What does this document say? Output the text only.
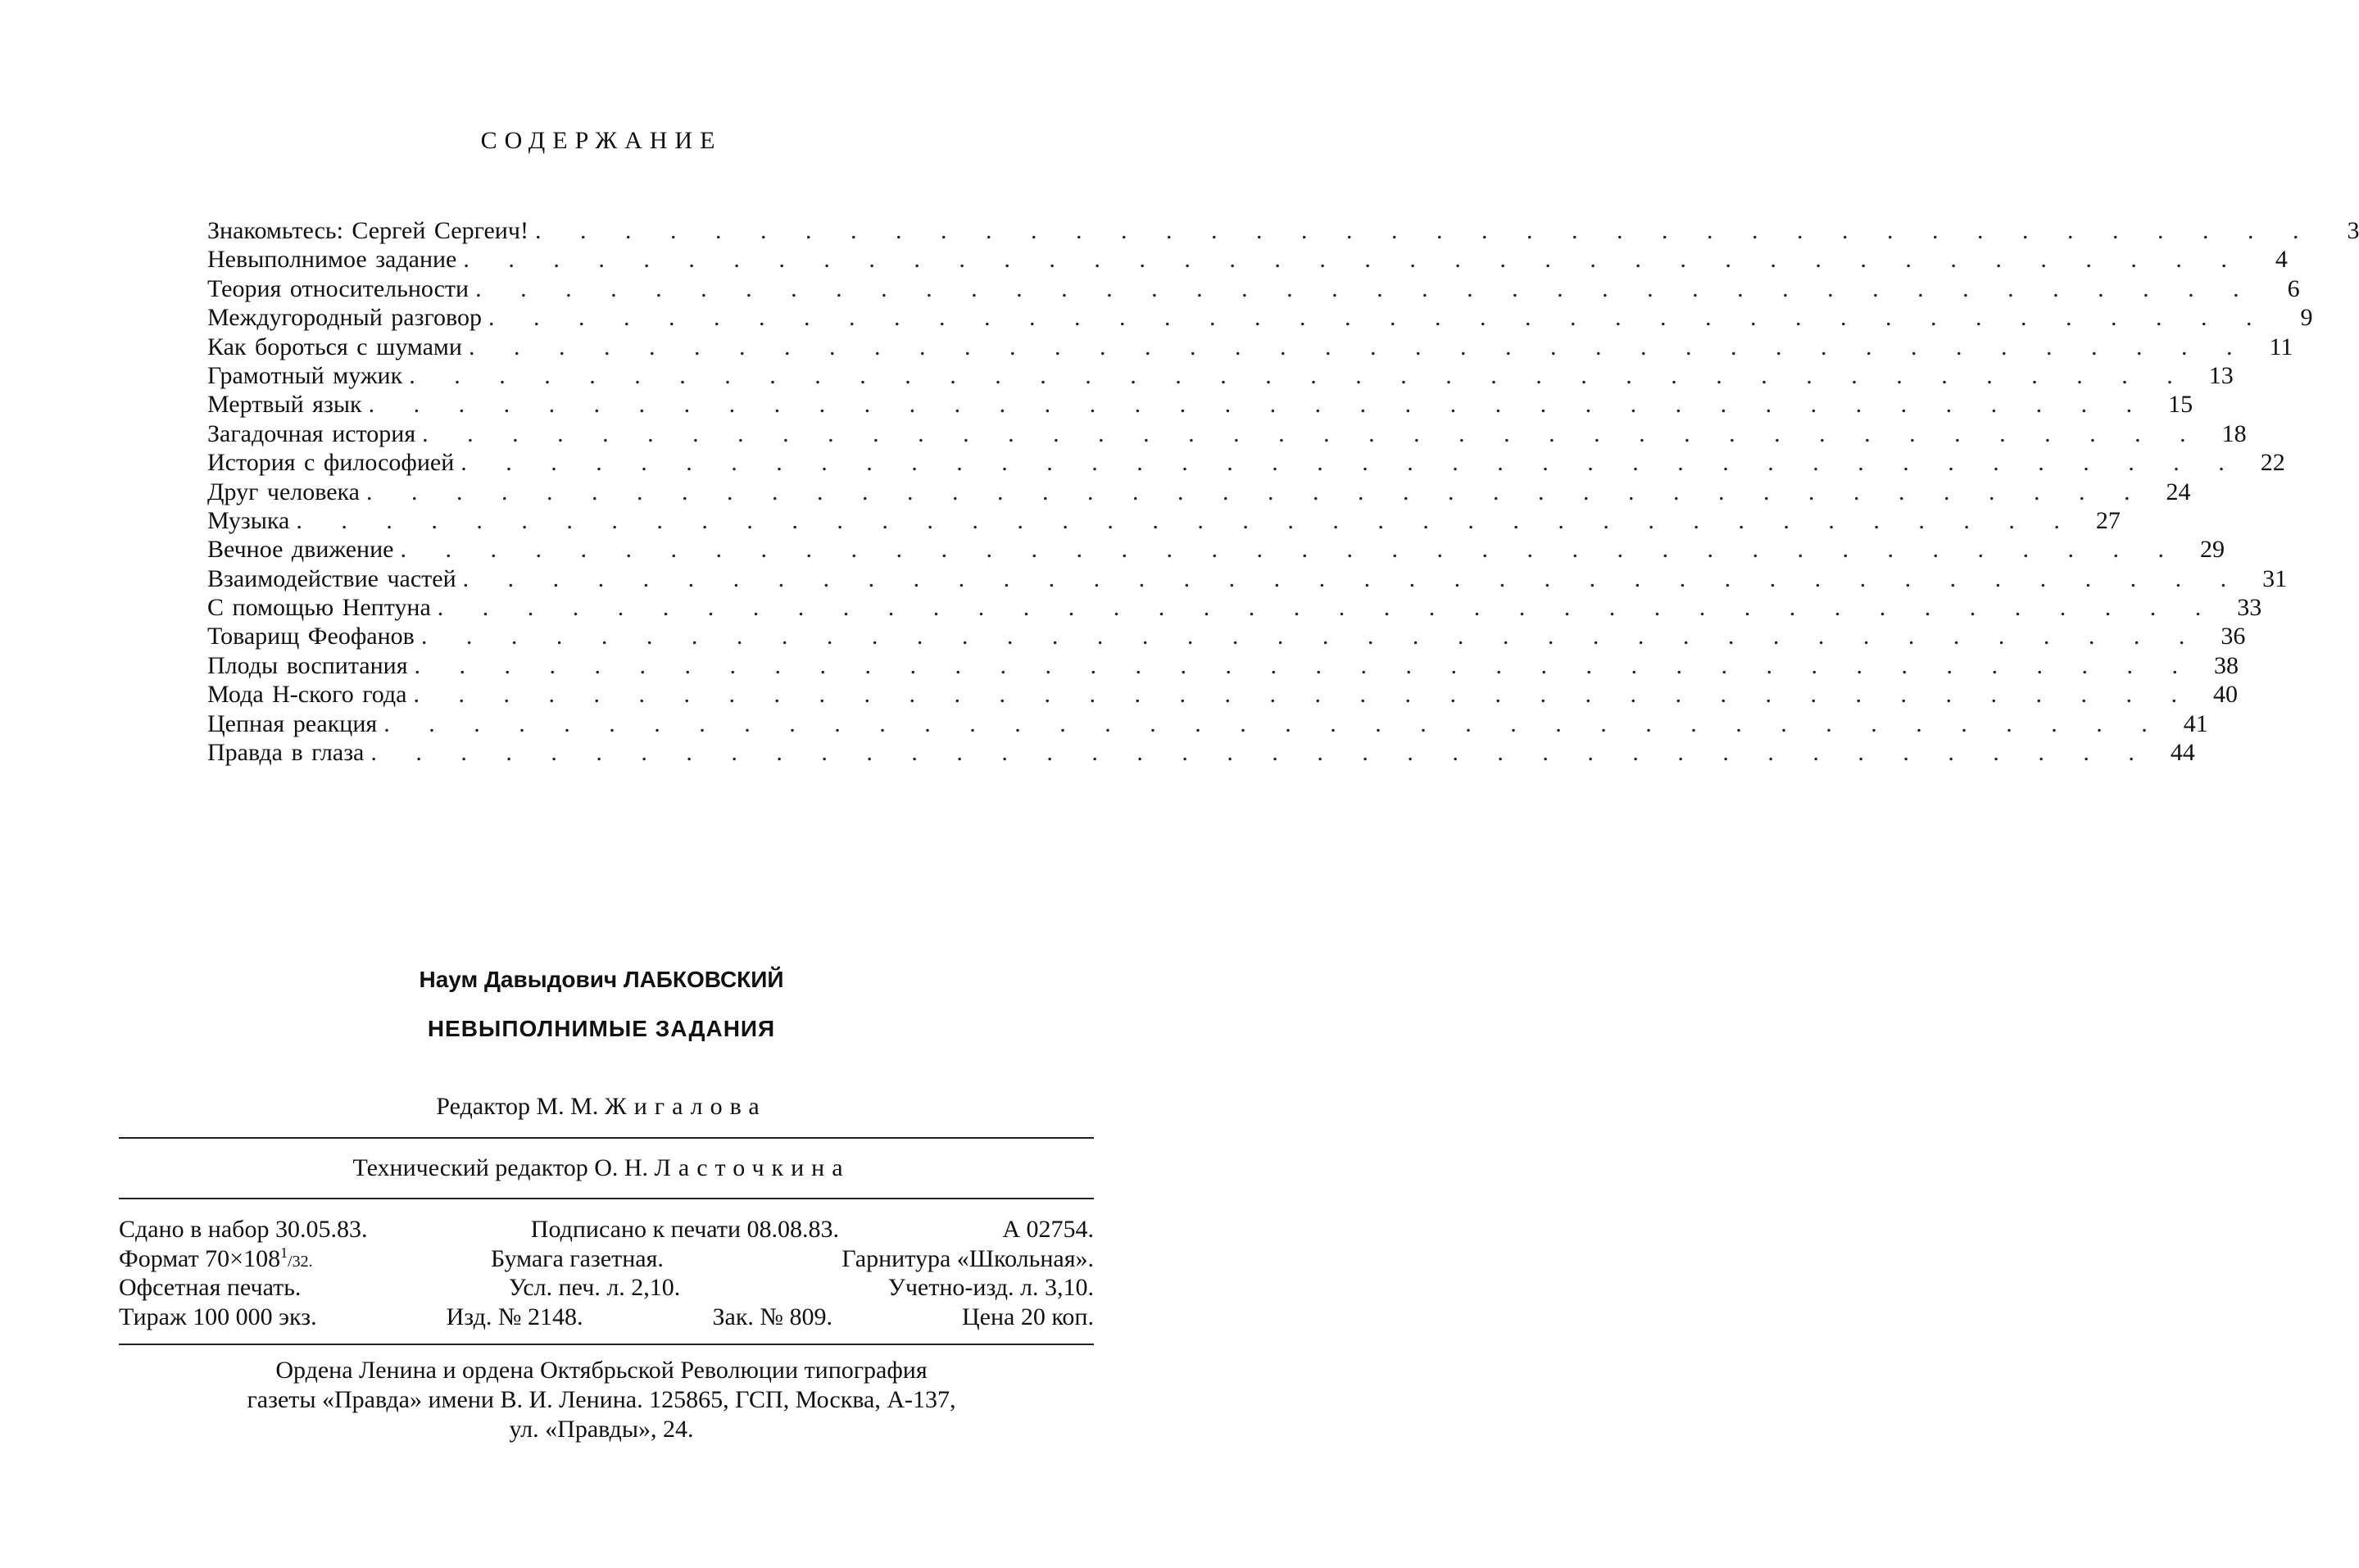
СОДЕРЖАНИЕ
Знакомьтесь: Сергей Сергеич! . . . . . . . . . . . . . . . . . . . . . . . . . . . . . . . . . . . . . . . .	3
Невыполнимое задание . . . . . . . . . . . . . . . . . . . . . . . . . . . . . . . . . . . . . . . .	4
Теория относительности . . . . . . . . . . . . . . . . . . . . . . . . . . . . . . . . . . . . . . . .	6
Междугородный разговор . . . . . . . . . . . . . . . . . . . . . . . . . . . . . . . . . . . . . . . .	9
Как бороться с шумами . . . . . . . . . . . . . . . . . . . . . . . . . . . . . . . . . . . . . . . . 11
Грамотный мужик . . . . . . . . . . . . . . . . . . . . . . . . . . . . . . . . . . . . . . . . 13
Мертвый язык . . . . . . . . . . . . . . . . . . . . . . . . . . . . . . . . . . . . . . . . 15
Загадочная история . . . . . . . . . . . . . . . . . . . . . . . . . . . . . . . . . . . . . . . . 18
История с философией . . . . . . . . . . . . . . . . . . . . . . . . . . . . . . . . . . . . . . . . 22
Друг человека . . . . . . . . . . . . . . . . . . . . . . . . . . . . . . . . . . . . . . . . 24
Музыка . . . . . . . . . . . . . . . . . . . . . . . . . . . . . . . . . . . . . . . . 27
Вечное движение . . . . . . . . . . . . . . . . . . . . . . . . . . . . . . . . . . . . . . . . 29
Взаимодействие частей . . . . . . . . . . . . . . . . . . . . . . . . . . . . . . . . . . . . . . . . 31
С помощью Нептуна . . . . . . . . . . . . . . . . . . . . . . . . . . . . . . . . . . . . . . . . 33
Товарищ Феофанов . . . . . . . . . . . . . . . . . . . . . . . . . . . . . . . . . . . . . . . . 36
Плоды воспитания . . . . . . . . . . . . . . . . . . . . . . . . . . . . . . . . . . . . . . . . 38
Мода Н-ского года . . . . . . . . . . . . . . . . . . . . . . . . . . . . . . . . . . . . . . . . 40
Цепная реакция . . . . . . . . . . . . . . . . . . . . . . . . . . . . . . . . . . . . . . . . 41
Правда в глаза . . . . . . . . . . . . . . . . . . . . . . . . . . . . . . . . . . . . . . . . 44
Наум Давыдович ЛАБКОВСКИЙ
НЕВЫПОЛНИМЫЕ ЗАДАНИЯ
Редактор М. М. Жигалова
Технический редактор О. Н. Ласточкина
Сдано в набор 30.05.83.	Подписано к печати 08.08.83.	А 02754.
Формат $70\times 108^1/32$.	Бумага газетная.	Гарнитура «Школьная».
Офсетная печать.	Усл. печ. л. 2,10.	Учетно-изд. л. 3,10.
Тираж 100 000 экз.	Изд. № 2148.	Зак. № 809.	Цена 20 коп.
Ордена Ленина и ордена Октябрьской Революции типография
газеты «Правда» имени В. И. Ленина. 125865, ГСП, Москва, А-137,
ул. «Правды», 24.
